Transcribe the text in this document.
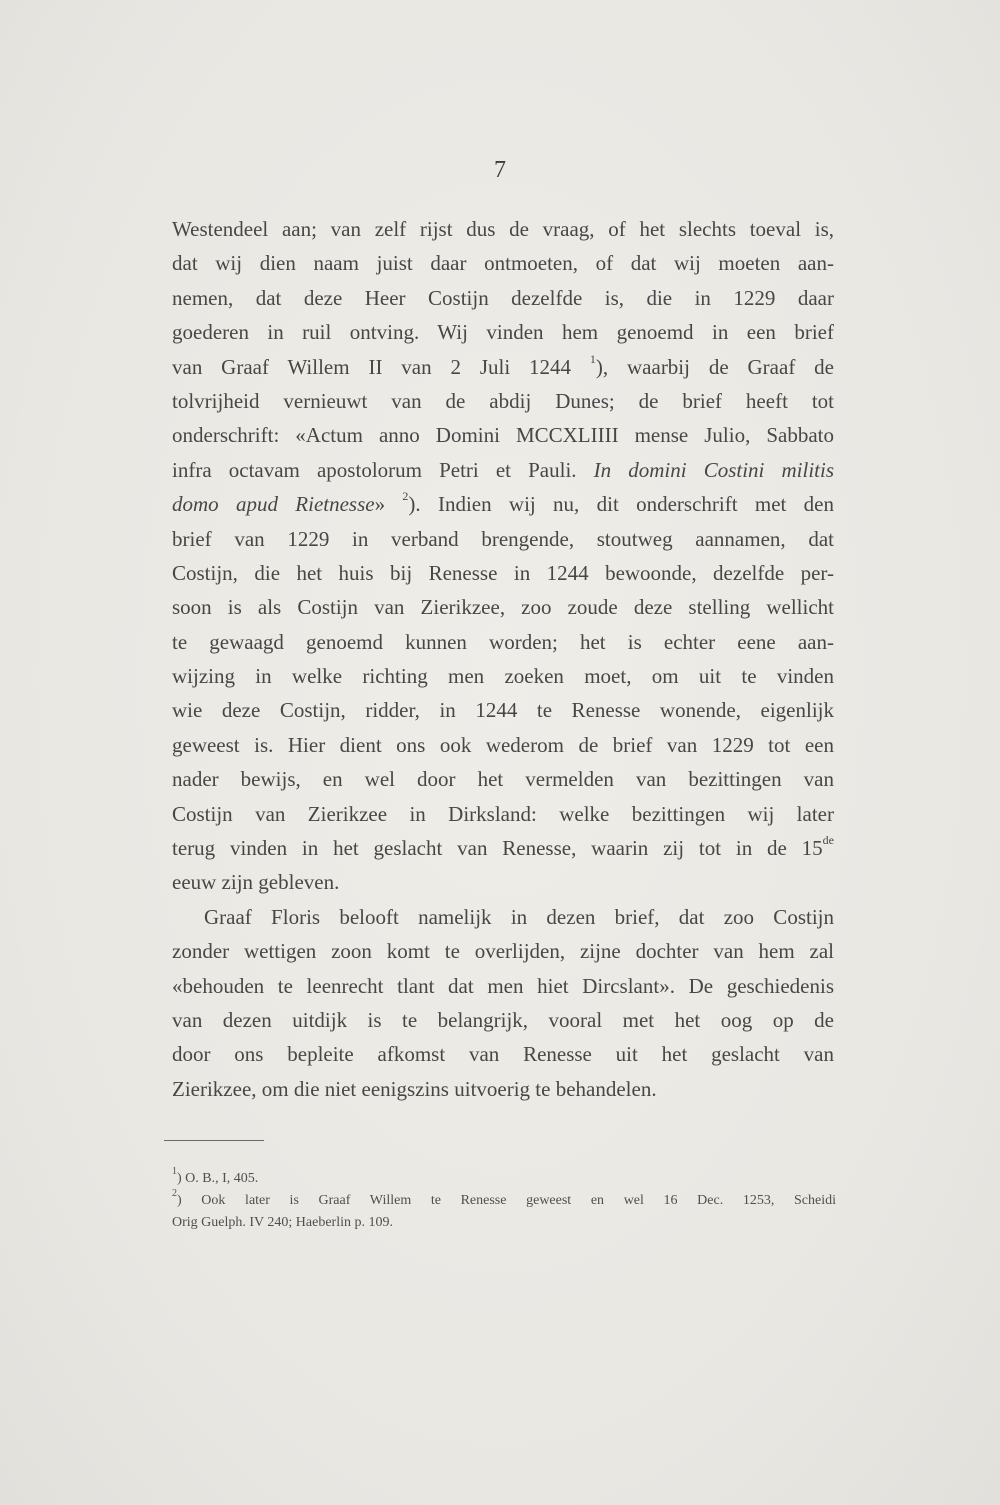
7
Westendeel aan; van zelf rijst dus de vraag, of het slechts toeval is,
dat wij dien naam juist daar ontmoeten, of dat wij moeten aan-
nemen, dat deze Heer Costijn dezelfde is, die in 1229 daar
goederen in ruil ontving. Wij vinden hem genoemd in een brief
van Graaf Willem II van 2 Juli 1244 $^1$), waarbij de Graaf de
tolvrijheid vernieuwt van de abdij Dunes; de brief heeft tot
onderschrift: «Actum anno Domini MCCXLIIII mense Julio, Sabbato
infra octavam apostolorum Petri et Pauli. In domini Costini militis
domo apud Rietnesse» $^2$). Indien wij nu, dit onderschrift met den
brief van 1229 in verband brengende, stoutweg aannamen, dat
Costijn, die het huis bij Renesse in 1244 bewoonde, dezelfde per-
soon is als Costijn van Zierikzee, zoo zoude deze stelling wellicht
te gewaagd genoemd kunnen worden; het is echter eene aan-
wijzing in welke richting men zoeken moet, om uit te vinden
wie deze Costijn, ridder, in 1244 te Renesse wonende, eigenlijk
geweest is. Hier dient ons ook wederom de brief van 1229 tot een
nader bewijs, en wel door het vermelden van bezittingen van
Costijn van Zierikzee in Dirksland: welke bezittingen wij later
terug vinden in het geslacht van Renesse, waarin zij tot in de 15de
eeuw zijn gebleven.
Graaf Floris belooft namelijk in dezen brief, dat zoo Costijn
zonder wettigen zoon komt te overlijden, zijne dochter van hem zal
«behouden te leenrecht tlant dat men hiet Dircslant». De geschiedenis
van dezen uitdijk is te belangrijk, vooral met het oog op de
door ons bepleite afkomst van Renesse uit het geslacht van
Zierikzee, om die niet eenigszins uitvoerig te behandelen.
$^1$) O. B., I, 405.
$^2$) Ook later is Graaf Willem te Renesse geweest en wel 16 Dec. 1253, Scheidi
Orig Guelph. IV 240; Haeberlin p. 109.
